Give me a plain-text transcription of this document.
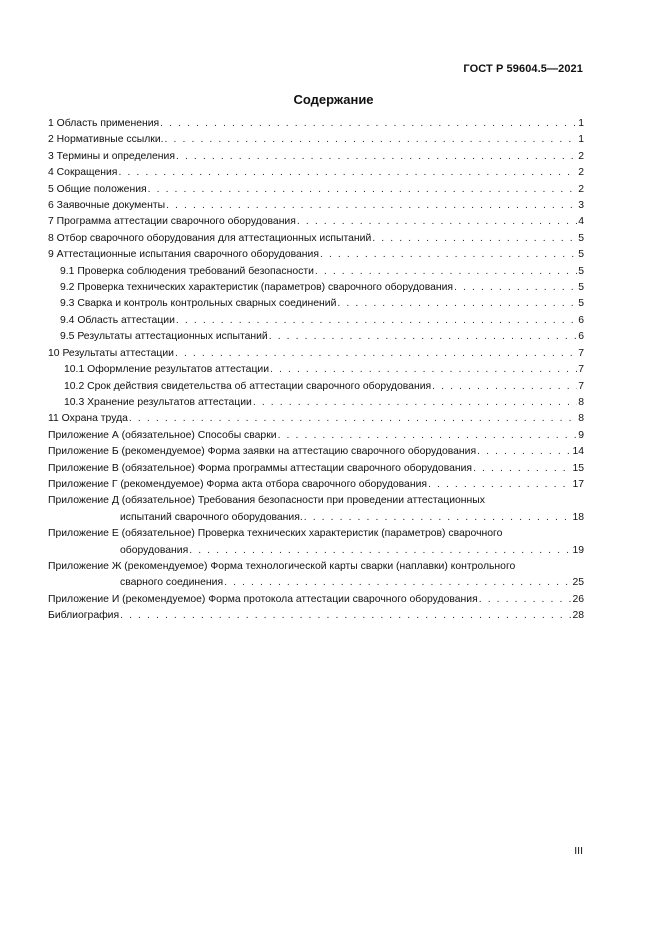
ГОСТ Р 59604.5—2021
Содержание
1 Область применения . . .	1
2 Нормативные ссылки. . . .	1
3 Термины и определения . . .	2
4 Сокращения . . .	2
5 Общие положения . . .	2
6 Заявочные документы . . .	3
7 Программа аттестации сварочного оборудования . . .	4
8 Отбор сварочного оборудования для аттестационных испытаний . . .	5
9 Аттестационные испытания сварочного оборудования . . .	5
9.1 Проверка соблюдения требований безопасности . . .	5
9.2 Проверка технических характеристик (параметров) сварочного оборудования . . .	5
9.3 Сварка и контроль контрольных сварных соединений . . .	5
9.4 Область аттестации . . .	6
9.5 Результаты аттестационных испытаний . . .	6
10 Результаты аттестации . . .	7
10.1 Оформление результатов аттестации . . .	7
10.2 Срок действия свидетельства об аттестации сварочного оборудования . . .	7
10.3 Хранение результатов аттестации . . .	8
11 Охрана труда . . .	8
Приложение А (обязательное) Способы сварки . . .	9
Приложение Б (рекомендуемое) Форма заявки на аттестацию сварочного оборудования . . .	14
Приложение В (обязательное) Форма программы аттестации сварочного оборудования . . .	15
Приложение Г (рекомендуемое) Форма акта отбора сварочного оборудования . . .	17
Приложение Д (обязательное) Требования безопасности при проведении аттестационных
испытаний сварочного оборудования. . . .	18
Приложение Е (обязательное) Проверка технических характеристик (параметров) сварочного
оборудования . . .	19
Приложение Ж (рекомендуемое) Форма технологической карты сварки (наплавки) контрольного
сварного соединения . . .	25
Приложение И (рекомендуемое) Форма протокола аттестации сварочного оборудования . . .	26
Библиография . . .	28
III
